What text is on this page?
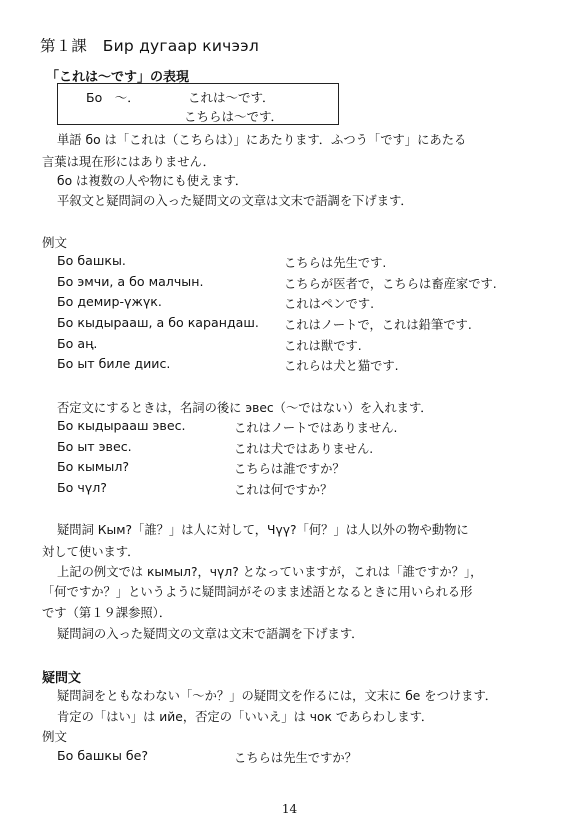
第１課　Бир дугаар кичээл
「これは～です」の表現
Бо　～．	これは～です．
こちらは～です．
単語 бо は「これは（こちらは）」にあたります．ふつう「です」にあたる
言葉は現在形にはありません．
бо は複数の人や物にも使えます．
平叙文と疑問詞の入った疑問文の文章は文末で語調を下げます．
例文
Бо башкы.	こちらは先生です.
Бо эмчи, а бо малчын.	こちらが医者で，こちらは畜産家です.
Бо демир-үжүк.	これはペンです.
Бо кыдырааш, а бо карандаш. これはノートで，これは鉛筆です.
Бо аң.	これは獣です.
Бо ыт биле диис.	これらは犬と猫です.
否定文にするときは，名詞の後に эвес（～ではない）を入れます．
Бо кыдырааш эвес.	これはノートではありません.
Бо ыт эвес.	これは犬ではありません.
Бо кымыл?	こちらは誰ですか？
Бо чүл?	これは何ですか？
疑問詞 Кым?「誰？」は人に対して，Чүү?「何？」は人以外の物や動物に
対して使います．
上記の例文では кымыл?，чүл? となっていますが，これは「誰ですか？」，
「何ですか？」というように疑問詞がそのまま述語となるときに用いられる形
です（第１９課参照）．
疑問詞の入った疑問文の文章は文末で語調を下げます．
疑問文
疑問詞をともなわない「～か？」の疑問文を作るには，文末に бе をつけます．
肯定の「はい」は ийе，否定の「いいえ」は чок であらわします．
例文
Бо башкы бе?	こちらは先生ですか？
14
